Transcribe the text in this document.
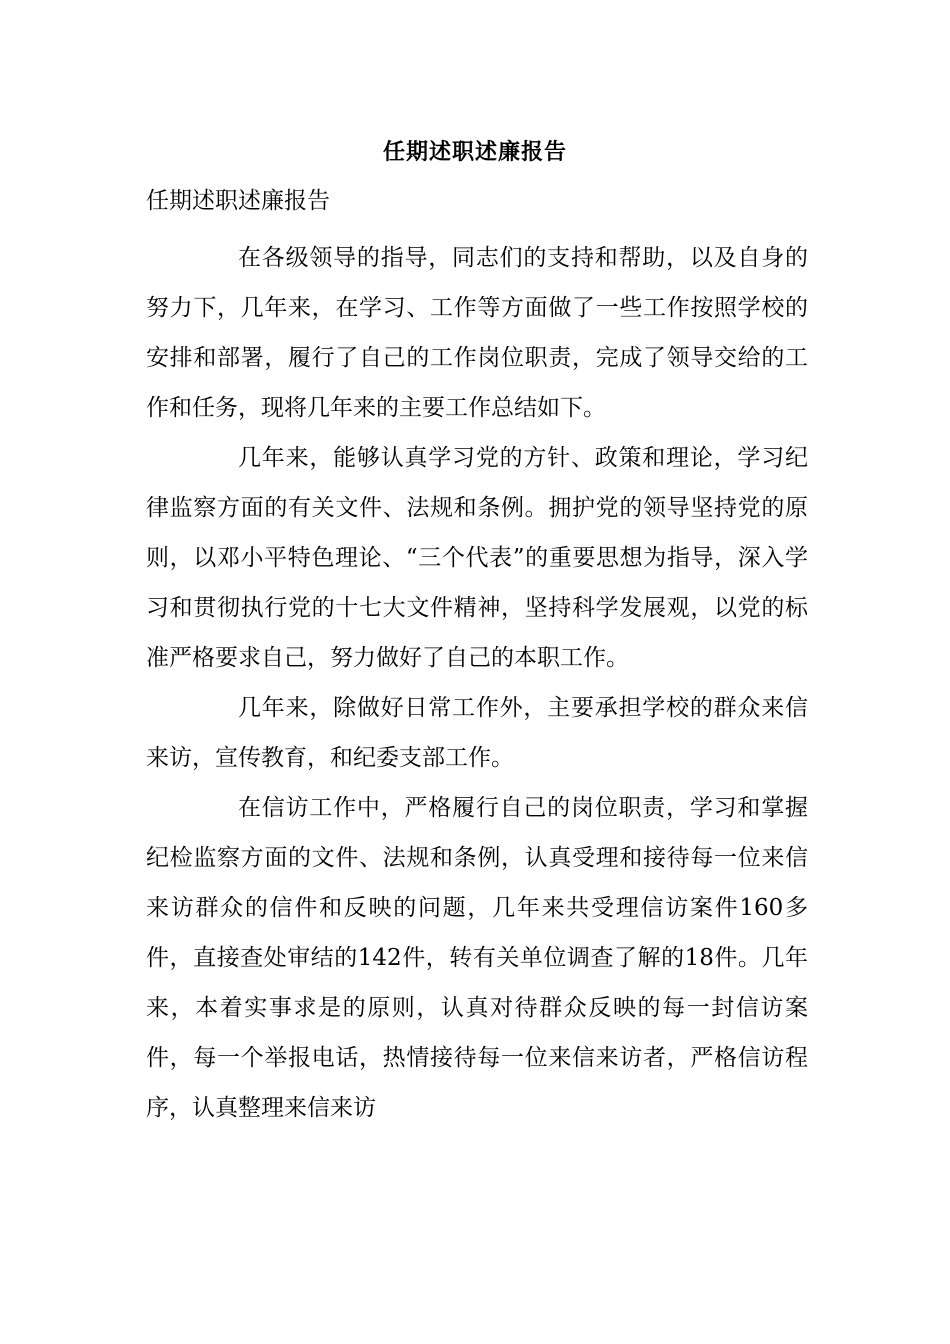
任期述职述廉报告

任期述职述廉报告

在各级领导的指导，同志们的支持和帮助，以及自身的努力下，几年来，在学习、工作等方面做了一些工作按照学校的安排和部署，履行了自己的工作岗位职责，完成了领导交给的工作和任务，现将几年来的主要工作总结如下。

几年来，能够认真学习党的方针、政策和理论，学习纪律监察方面的有关文件、法规和条例。拥护党的领导坚持党的原则，以邓小平特色理论、“三个代表”的重要思想为指导，深入学习和贯彻执行党的十七大文件精神，坚持科学发展观，以党的标准严格要求自己，努力做好了自己的本职工作。

几年来，除做好日常工作外，主要承担学校的群众来信来访，宣传教育，和纪委支部工作。

在信访工作中，严格履行自己的岗位职责，学习和掌握纪检监察方面的文件、法规和条例，认真受理和接待每一位来信来访群众的信件和反映的问题，几年来共受理信访案件160多件，直接查处审结的142件，转有关单位调查了解的18件。几年来，本着实事求是的原则，认真对待群众反映的每一封信访案件，每一个举报电话，热情接待每一位来信来访者，严格信访程序，认真整理来信来访
